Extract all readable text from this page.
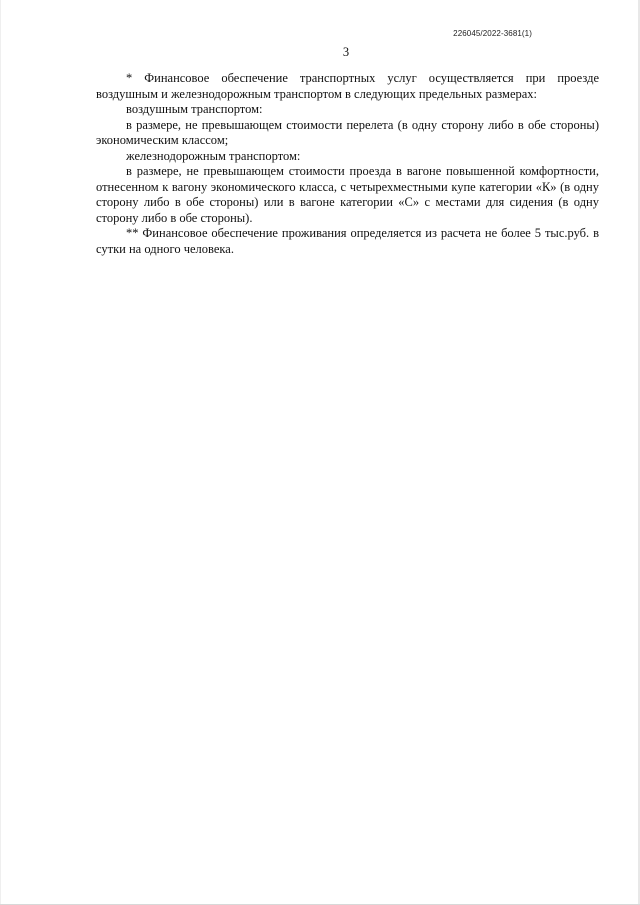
226045/2022-3681(1)
3

* Финансовое обеспечение транспортных услуг осуществляется при проезде воздушным и железнодорожным транспортом в следующих предельных размерах:

воздушным транспортом:

в размере, не превышающем стоимости перелета (в одну сторону либо в обе стороны) экономическим классом;

железнодорожным транспортом:

в размере, не превышающем стоимости проезда в вагоне повышенной комфортности, отнесенном к вагону экономического класса, с четырехместными купе категории «К» (в одну сторону либо в обе стороны) или в вагоне категории «С» с местами для сидения (в одну сторону либо в обе стороны).

** Финансовое обеспечение проживания определяется из расчета не более 5 тыс.руб. в сутки на одного человека.
